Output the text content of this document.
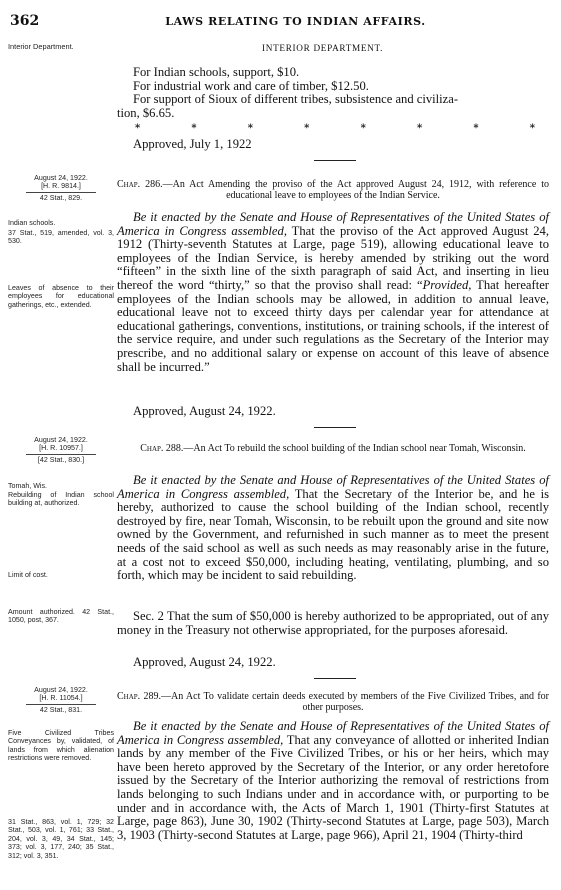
362	LAWS RELATING TO INDIAN AFFAIRS.
Interior Department.	INTERIOR DEPARTMENT.
For Indian schools, support, $10.
For industrial work and care of timber, $12.50.
For support of Sioux of different tribes, subsistence and civiliza-
tion, $6.65.
*	*	*	*	*	*	*	*
Approved, July 1, 1922
August 24, 1922.
[H. R. 9814.]
42 Stat., 829.
Chap. 286.—An Act Amending the proviso of the Act approved August 24, 1912, with reference to educational leave to employees of the Indian Service.
Indian schools.
37 Stat., 519, amended, vol. 3, 530.
Leaves of absence to their employees for educational gatherings, etc., extended.
Be it enacted by the Senate and House of Representatives of the United States of America in Congress assembled, That the proviso of the Act approved August 24, 1912 (Thirty-seventh Statutes at Large, page 519), allowing educational leave to employees of the Indian Service, is hereby amended by striking out the word “fifteen” in the sixth line of the sixth paragraph of said Act, and inserting in lieu thereof the word “thirty,” so that the proviso shall read: “Provided, That hereafter employees of the Indian schools may be allowed, in addition to annual leave, educational leave not to exceed thirty days per calendar year for attendance at educational gatherings, conventions, institutions, or training schools, if the interest of the service require, and under such regulations as the Secretary of the Interior may prescribe, and no additional salary or expense on account of this leave of absence shall be incurred.”
Approved, August 24, 1922.
August 24, 1922.
[H. R. 10957.]
[42 Stat., 830.]
Chap. 288.—An Act To rebuild the school building of the Indian school near Tomah, Wisconsin.
Tomah, Wis.
Rebuilding of Indian school building at, authorized.
Limit of cost.
Amount authorized. 42 Stat., 1050, post, 367.
Be it enacted by the Senate and House of Representatives of the United States of America in Congress assembled, That the Secretary of the Interior be, and he is hereby, authorized to cause the school building of the Indian school, recently destroyed by fire, near Tomah, Wisconsin, to be rebuilt upon the ground and site now owned by the Government, and refurnished in such manner as to meet the present needs of the said school as well as such needs as may reasonably arise in the future, at a cost not to exceed $50,000, including heating, ventilating, plumbing, and so forth, which may be incident to said rebuilding.
Sec. 2 That the sum of $50,000 is hereby authorized to be appropriated, out of any money in the Treasury not otherwise appropriated, for the purposes aforesaid.
Approved, August 24, 1922.
August 24, 1922.
[H. R. 11054.]
42 Stat., 831.
Chap. 289.—An Act To validate certain deeds executed by members of the Five Civilized Tribes, and for other purposes.
Five Civilized Tribes Conveyances by, validated, of lands from which alienation restrictions were removed.
31 Stat., 863, vol. 1, 729; 32 Stat., 503, vol. 1, 761; 33 Stat., 204, vol. 3, 49, 34 Stat., 145; 373; vol. 3, 177, 240; 35 Stat., 312; vol. 3, 351.
Be it enacted by the Senate and House of Representatives of the United States of America in Congress assembled, That any conveyance of allotted or inherited Indian lands by any member of the Five Civilized Tribes, or his or her heirs, which may have been hereto approved by the Secretary of the Interior, or any order heretofore issued by the Secretary of the Interior authorizing the removal of restrictions from lands belonging to such Indians under and in accordance with, or purporting to be under and in accordance with, the Acts of March 1, 1901 (Thirty-first Statutes at Large, page 863), June 30, 1902 (Thirty-second Statutes at Large, page 503), March 3, 1903 (Thirty-second Statutes at Large, page 966), April 21, 1904 (Thirty-third
